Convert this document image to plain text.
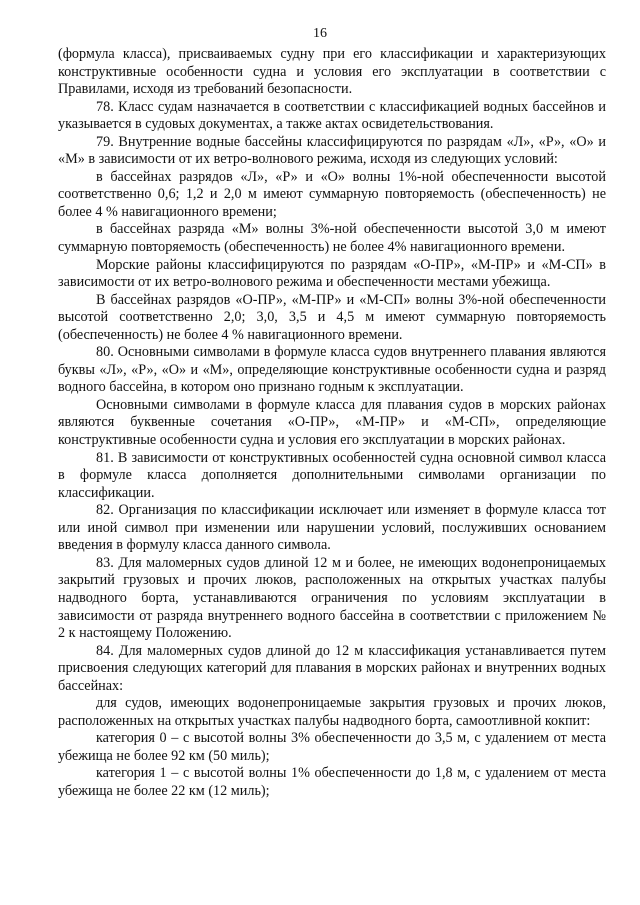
16

(формула класса), присваиваемых судну при его классификации и характеризующих конструктивные особенности судна и условия его эксплуатации в соответствии с Правилами, исходя из требований безопасности.

78. Класс судам назначается в соответствии с классификацией водных бассейнов и указывается в судовых документах, а также актах освидетельствования.

79. Внутренние водные бассейны классифицируются по разрядам «Л», «Р», «О» и «М» в зависимости от их ветро-волнового режима, исходя из следующих условий:

в бассейнах разрядов «Л», «Р» и «О» волны 1%-ной обеспеченности высотой соответственно 0,6; 1,2 и 2,0 м имеют суммарную повторяемость (обеспеченность) не более 4 % навигационного времени;

в бассейнах разряда «М» волны 3%-ной обеспеченности высотой 3,0 м имеют суммарную повторяемость (обеспеченность) не более 4% навигационного времени.

Морские районы классифицируются по разрядам «О-ПР», «М-ПР» и «М-СП» в зависимости от их ветро-волнового режима и обеспеченности местами убежища.

В бассейнах разрядов «О-ПР», «М-ПР» и «М-СП» волны 3%-ной обеспеченности высотой соответственно 2,0; 3,0, 3,5 и 4,5 м имеют суммарную повторяемость (обеспеченность) не более 4 % навигационного времени.

80. Основными символами в формуле класса судов внутреннего плавания являются буквы «Л», «Р», «О» и «М», определяющие конструктивные особенности судна и разряд водного бассейна, в котором оно признано годным к эксплуатации.

Основными символами в формуле класса для плавания судов в морских районах являются буквенные сочетания «О-ПР», «М-ПР» и «М-СП», определяющие конструктивные особенности судна и условия его эксплуатации в морских районах.

81. В зависимости от конструктивных особенностей судна основной символ класса в формуле класса дополняется дополнительными символами организации по классификации.

82. Организация по классификации исключает или изменяет в формуле класса тот или иной символ при изменении или нарушении условий, послуживших основанием введения в формулу класса данного символа.

83. Для маломерных судов длиной 12 м и более, не имеющих водонепроницаемых закрытий грузовых и прочих люков, расположенных на открытых участках палубы надводного борта, устанавливаются ограничения по условиям эксплуатации в зависимости от разряда внутреннего водного бассейна в соответствии с приложением № 2 к настоящему Положению.

84. Для маломерных судов длиной до 12 м классификация устанавливается путем присвоения следующих категорий для плавания в морских районах и внутренних водных бассейнах:

для судов, имеющих водонепроницаемые закрытия грузовых и прочих люков, расположенных на открытых участках палубы надводного борта, самоотливной кокпит:

категория 0 – с высотой волны 3% обеспеченности до 3,5 м, с удалением от места убежища не более 92 км (50 миль);

категория 1 – с высотой волны 1% обеспеченности до 1,8 м, с удалением от места убежища не более 22 км (12 миль);
